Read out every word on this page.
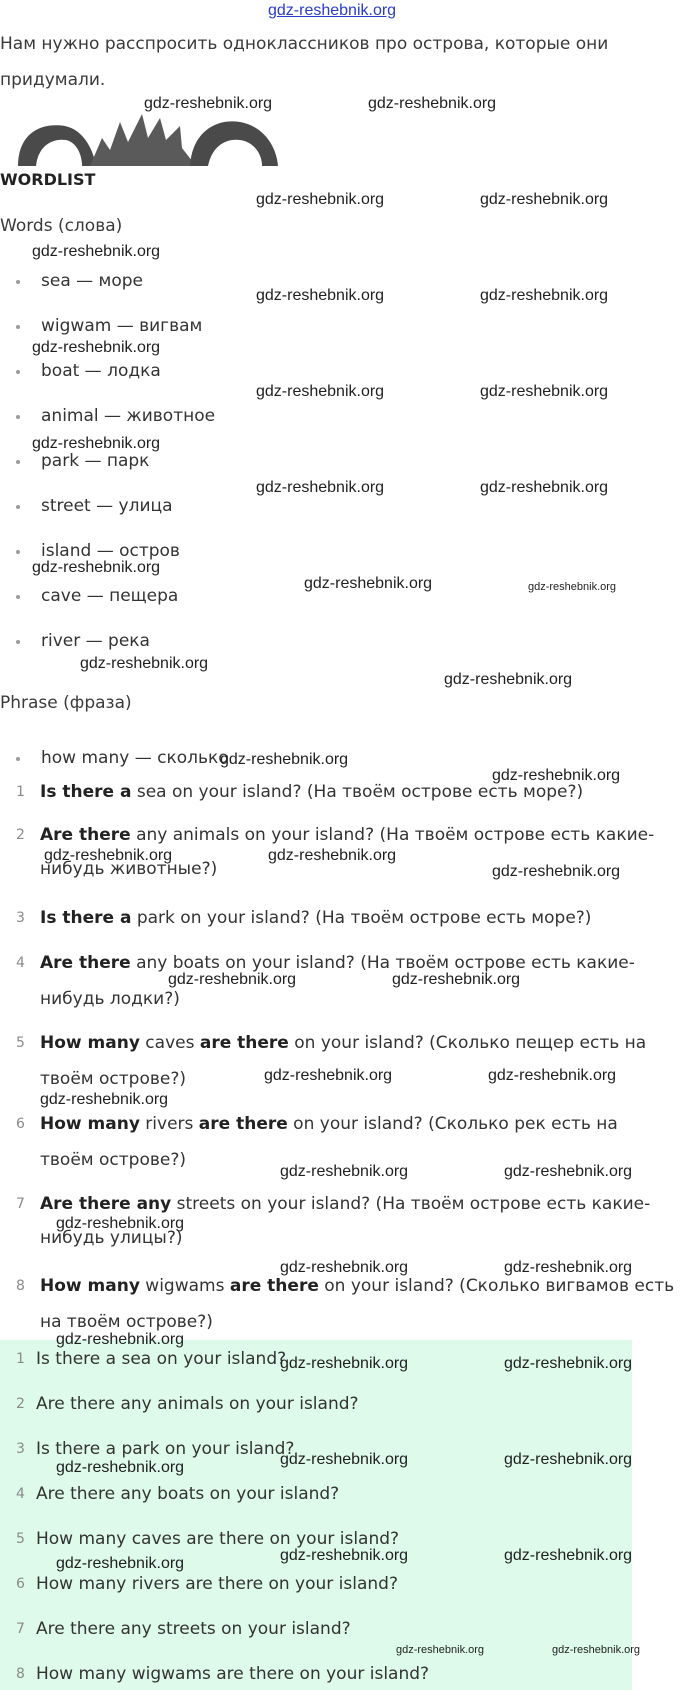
gdz-reshebnik.org
Нам нужно расспросить одноклассников про острова, которые они придумали.
WORDLIST
Words (слова)
sea — море
wigwam — вигвам
boat — лодка
animal — животное
park — парк
street — улица
island — остров
cave — пещера
river — река
Phrase (фраза)
how many — сколько
1 Is there a sea on your island? (На твоём острове есть море?)
2 Are there any animals on your island? (На твоём острове есть какие-нибудь животные?)
3 Is there a park on your island? (На твоём острове есть море?)
4 Are there any boats on your island? (На твоём острове есть какие-нибудь лодки?)
5 How many caves are there on your island? (Сколько пещер есть на твоём острове?)
6 How many rivers are there on your island? (Сколько рек есть на твоём острове?)
7 Are there any streets on your island? (На твоём острове есть какие-нибудь улицы?)
8 How many wigwams are there on your island? (Сколько вигвамов есть на твоём острове?)
1 Is there a sea on your island?
2 Are there any animals on your island?
3 Is there a park on your island?
4 Are there any boats on your island?
5 How many caves are there on your island?
6 How many rivers are there on your island?
7 Are there any streets on your island?
8 How many wigwams are there on your island?
gdz-reshebnik.org	gdz-reshebnik.org
gdz-reshebnik.org	gdz-reshebnik.org
gdz-reshebnik.org
gdz-reshebnik.org	gdz-reshebnik.org
gdz-reshebnik.org
gdz-reshebnik.org	gdz-reshebnik.org
gdz-reshebnik.org
gdz-reshebnik.org	gdz-reshebnik.org
gdz-reshebnik.org
gdz-reshebnik.org	gdz-reshebnik.org
gdz-reshebnik.org
gdz-reshebnik.org
gdz-reshebnik.org
gdz-reshebnik.org
gdz-reshebnik.org	gdz-reshebnik.org
gdz-reshebnik.org
gdz-reshebnik.org	gdz-reshebnik.org
gdz-reshebnik.org	gdz-reshebnik.org
gdz-reshebnik.org
gdz-reshebnik.org	gdz-reshebnik.org
gdz-reshebnik.org
gdz-reshebnik.org	gdz-reshebnik.org
gdz-reshebnik.org
gdz-reshebnik.org	gdz-reshebnik.org
gdz-reshebnik.org	gdz-reshebnik.org	gdz-reshebnik.org
gdz-reshebnik.org	gdz-reshebnik.org	gdz-reshebnik.org
gdz-reshebnik.org	gdz-reshebnik.org
